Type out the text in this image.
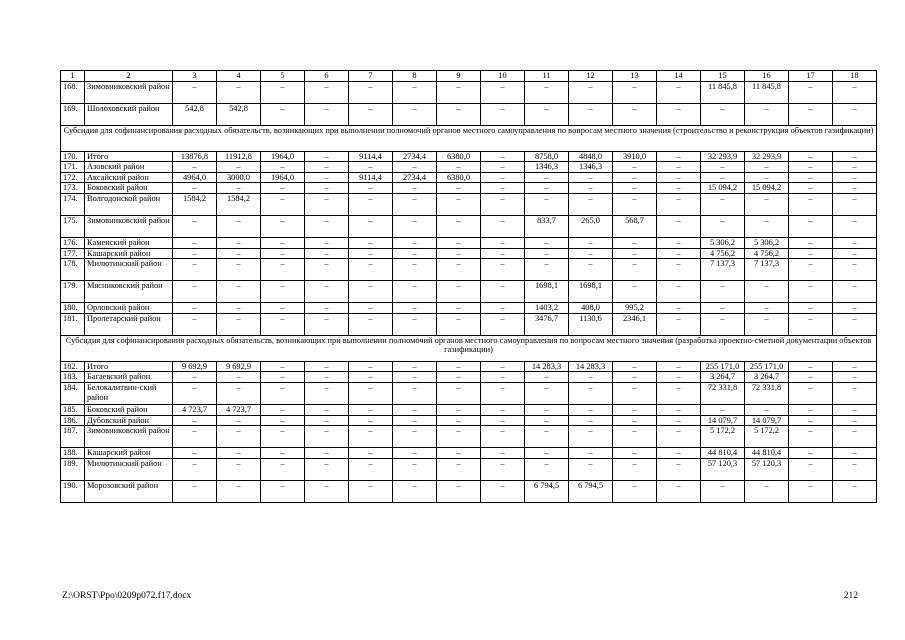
1	2	3	4	5	6	7	8	9	10	11	12	13	14	15	16	17	18
168.	Зимовниковский район	–	–	–	–	–	–	–	–	–	–	–	–	11 845,8	11 845,8	–	–
169.	Шолоховский район	542,8	542,8	–	–	–	–	–	–	–	–	–	–	–	–	–	–
Субсидия для софинансирования расходных обязательств, возникающих при выполнении полномочий органов местного самоуправления по вопросам местного значения (строительство и реконструкция объектов газификации)																	
170.	Итого	13876,8	11912,8	1964,0	–	9114,4	2734,4	6380,0	–	8758,0	4848,0	3910,0	–	32 293,9	32 293,9	–	–
171.	Азовский район	–	–	–	–	–	–	–	–	1346,3	1346,3	–	–	–	–	–	–
172.	Аксайский район	4964,0	3000,0	1964,0	–	9114,4	2734,4	6380,0	–	–	–	–	–	–	–	–	–
173.	Боковский район	–	–	–	–	–	–	–	–	–	–	–	–	15 094,2	15 094,2	–	–
174.	Волгодонской район	1584,2	1584,2	–	–	–	–	–	–	–	–	–	–	–	–	–	–
175.	Зимовниковский район	–	–	–	–	–	–	–	–	833,7	265,0	568,7	–	–	–	–	–
176.	Каменский район	–	–	–	–	–	–	–	–	–	–	–	–	5 306,2	5 306,2	–	–
177.	Кашарский район	–	–	–	–	–	–	–	–	–	–	–	–	4 756,2	4 756,2	–	–
178.	Милютинский район	–	–	–	–	–	–	–	–	–	–	–	–	7 137,3	7 137,3	–	–
179.	Мясниковский район	–	–	–	–	–	–	–	–	1698,1	1698,1	–	–	–	–	–	–
180.	Орловский район	–	–	–	–	–	–	–	–	1403,2	408,0	995,2	–	–	–	–	–
181.	Пролетарский район	–	–	–	–	–	–	–	–	3476,7	1130,6	2346,1	–	–	–	–	–
Субсидия для софинансирования расходных обязательств, возникающих при выполнении полномочий органов местного самоуправления по вопросам местного значения (разработка проектно-сметной документации объектов газификации)																	
182.	Итого	9 692,9	9 692,9	–	–	–	–	–	–	14 283,3	14 283,3	–	–	255 171,0	255 171,0	–	–
183.	Багаевский район	–	–	–	–	–	–	–	–	–	–	–	–	3 264,7	3 264,7	–	–
184.	Белокалитвин-ский район	–	–	–	–	–	–	–	–	–	–	–	–	72 331,8	72 331,8	–	–
185.	Боковский район	4 723,7	4 723,7	–	–	–	–	–	–	–	–	–	–	–	–	–	–
186.	Дубовский район	–	–	–	–	–	–	–	–	–	–	–	–	14 079,7	14 079,7	–	–
187.	Зимовниковский район	–	–	–	–	–	–	–	–	–	–	–	–	5 172,2	5 172,2	–	–
188.	Кашарский район	–	–	–	–	–	–	–	–	–	–	–	–	44 810,4	44 810,4	–	–
189.	Милютинский район	–	–	–	–	–	–	–	–	–	–	–	–	57 120,3	57 120,3	–	–
190.	Морозовский район	–	–	–	–	–	–	–	–	6 794,5	6 794,5	–	–	–	–	–	–
Z:\ORST\Ppo\0209p072.f17.docx	212
